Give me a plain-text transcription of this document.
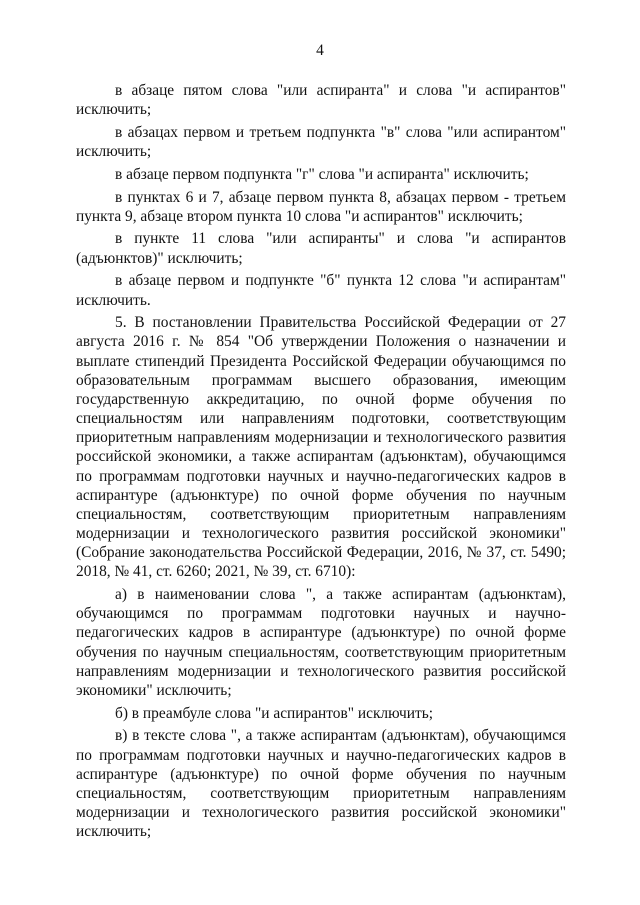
4

в абзаце пятом слова "или аспиранта" и слова "и аспирантов" исключить;

в абзацах первом и третьем подпункта "в" слова "или аспирантом" исключить;

в абзаце первом подпункта "г" слова "и аспиранта" исключить;

в пунктах 6 и 7, абзаце первом пункта 8, абзацах первом - третьем пункта 9, абзаце втором пункта 10 слова "и аспирантов" исключить;

в пункте 11 слова "или аспиранты" и слова "и аспирантов (адъюнктов)" исключить;

в абзаце первом и подпункте "б" пункта 12 слова "и аспирантам" исключить.

5. В постановлении Правительства Российской Федерации от 27 августа 2016 г. № 854 "Об утверждении Положения о назначении и выплате стипендий Президента Российской Федерации обучающимся по образовательным программам высшего образования, имеющим государственную аккредитацию, по очной форме обучения по специальностям или направлениям подготовки, соответствующим приоритетным направлениям модернизации и технологического развития российской экономики, а также аспирантам (адъюнктам), обучающимся по программам подготовки научных и научно-педагогических кадров в аспирантуре (адъюнктуре) по очной форме обучения по научным специальностям, соответствующим приоритетным направлениям модернизации и технологического развития российской экономики" (Собрание законодательства Российской Федерации, 2016, № 37, ст. 5490; 2018, № 41, ст. 6260; 2021, № 39, ст. 6710):

а) в наименовании слова ", а также аспирантам (адъюнктам), обучающимся по программам подготовки научных и научно-педагогических кадров в аспирантуре (адъюнктуре) по очной форме обучения по научным специальностям, соответствующим приоритетным направлениям модернизации и технологического развития российской экономики" исключить;

б) в преамбуле слова "и аспирантов" исключить;

в) в тексте слова ", а также аспирантам (адъюнктам), обучающимся по программам подготовки научных и научно-педагогических кадров в аспирантуре (адъюнктуре) по очной форме обучения по научным специальностям, соответствующим приоритетным направлениям модернизации и технологического развития российской экономики" исключить;
